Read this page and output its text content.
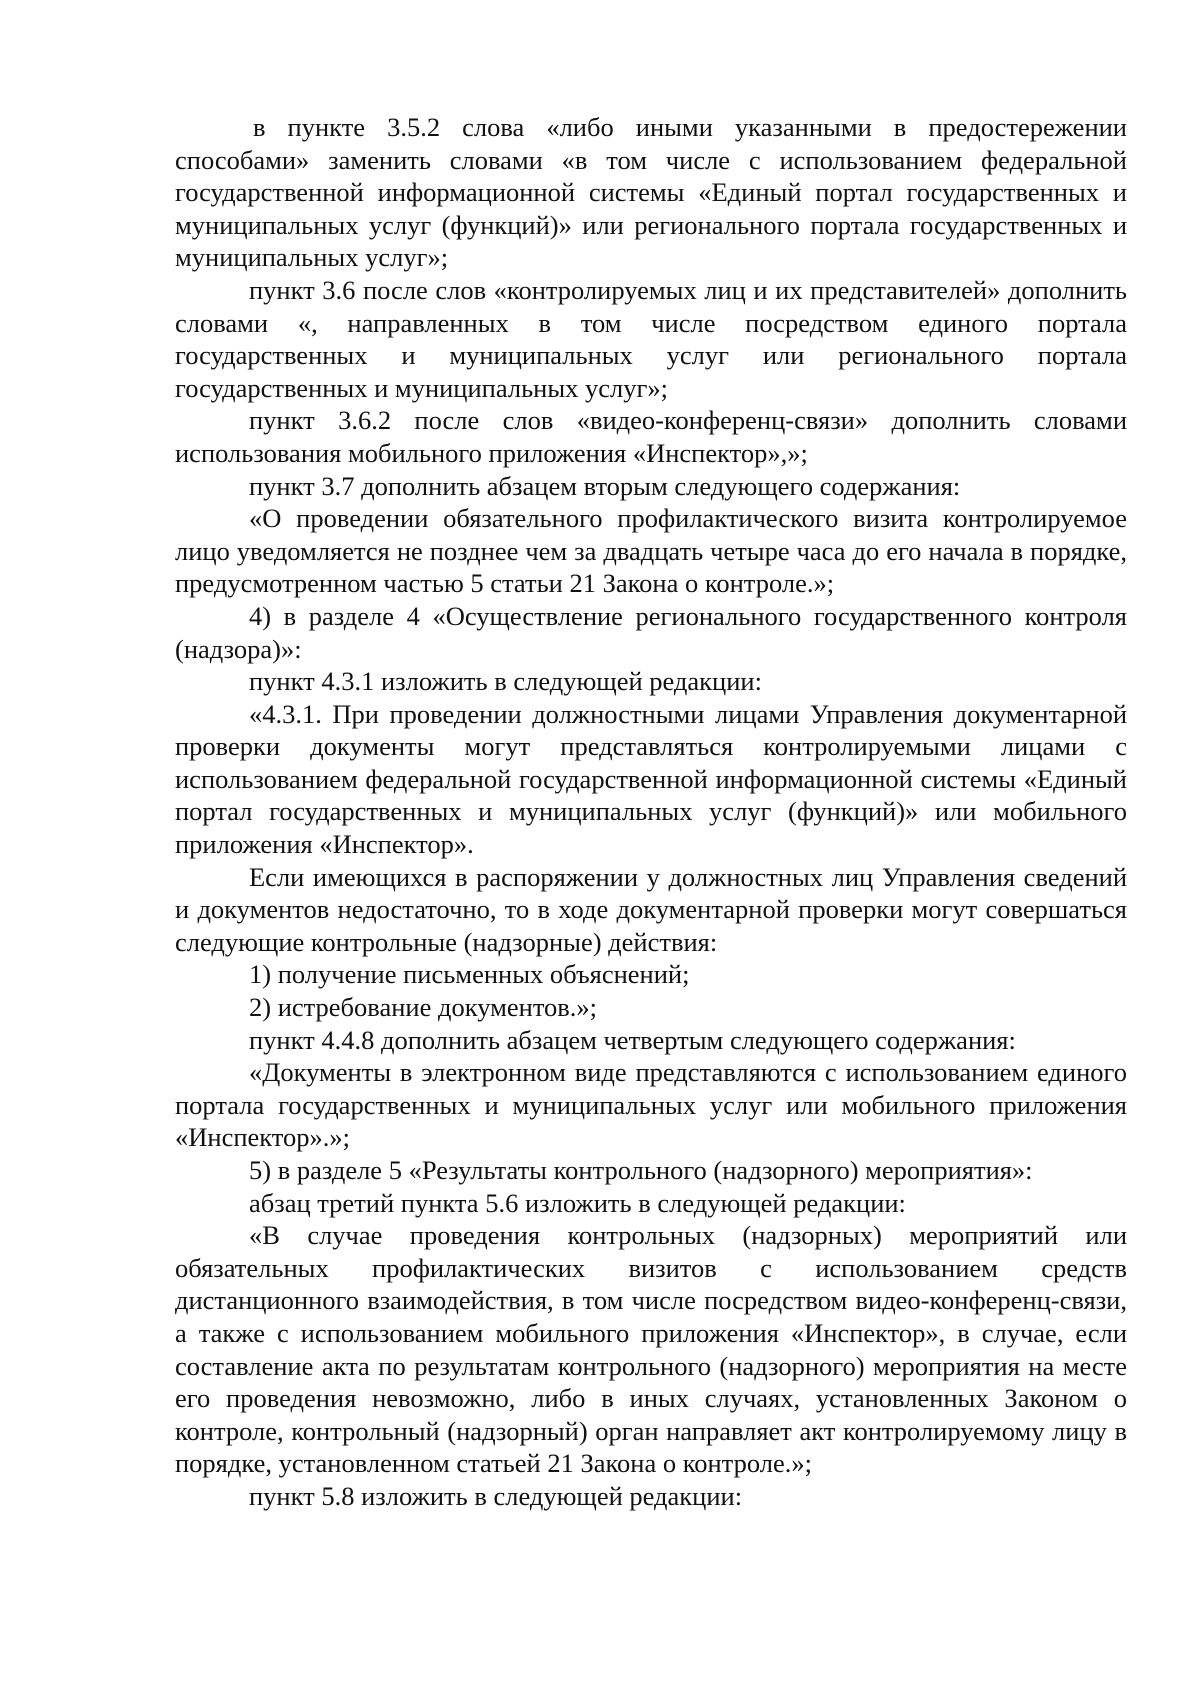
в пункте 3.5.2 слова «либо иными указанными в предостережении способами» заменить словами «в том числе с использованием федеральной государственной информационной системы «Единый портал государственных и муниципальных услуг (функций)» или регионального портала государственных и муниципальных услуг»;

пункт 3.6 после слов «контролируемых лиц и их представителей» дополнить словами «, направленных в том числе посредством единого портала государственных и муниципальных услуг или регионального портала государственных и муниципальных услуг»;

пункт 3.6.2 после слов «видео-конференц-связи» дополнить словами использования мобильного приложения «Инспектор»,»;

пункт 3.7 дополнить абзацем вторым следующего содержания:

«О проведении обязательного профилактического визита контролируемое лицо уведомляется не позднее чем за двадцать четыре часа до его начала в порядке, предусмотренном частью 5 статьи 21 Закона о контроле.»;

4) в разделе 4 «Осуществление регионального государственного контроля (надзора)»:

пункт 4.3.1 изложить в следующей редакции:

«4.3.1. При проведении должностными лицами Управления документарной проверки документы могут представляться контролируемыми лицами с использованием федеральной государственной информационной системы «Единый портал государственных и муниципальных услуг (функций)» или мобильного приложения «Инспектор».

Если имеющихся в распоряжении у должностных лиц Управления сведений и документов недостаточно, то в ходе документарной проверки могут совершаться следующие контрольные (надзорные) действия:

1) получение письменных объяснений;

2) истребование документов.»;

пункт 4.4.8 дополнить абзацем четвертым следующего содержания:

«Документы в электронном виде представляются с использованием единого портала государственных и муниципальных услуг или мобильного приложения «Инспектор».»;

5) в разделе 5 «Результаты контрольного (надзорного) мероприятия»:

абзац третий пункта 5.6 изложить в следующей редакции:

«В случае проведения контрольных (надзорных) мероприятий или обязательных профилактических визитов с использованием средств дистанционного взаимодействия, в том числе посредством видео-конференц-связи, а также с использованием мобильного приложения «Инспектор», в случае, если составление акта по результатам контрольного (надзорного) мероприятия на месте его проведения невозможно, либо в иных случаях, установленных Законом о контроле, контрольный (надзорный) орган направляет акт контролируемому лицу в порядке, установленном статьей 21 Закона о контроле.»;

пункт 5.8 изложить в следующей редакции:
